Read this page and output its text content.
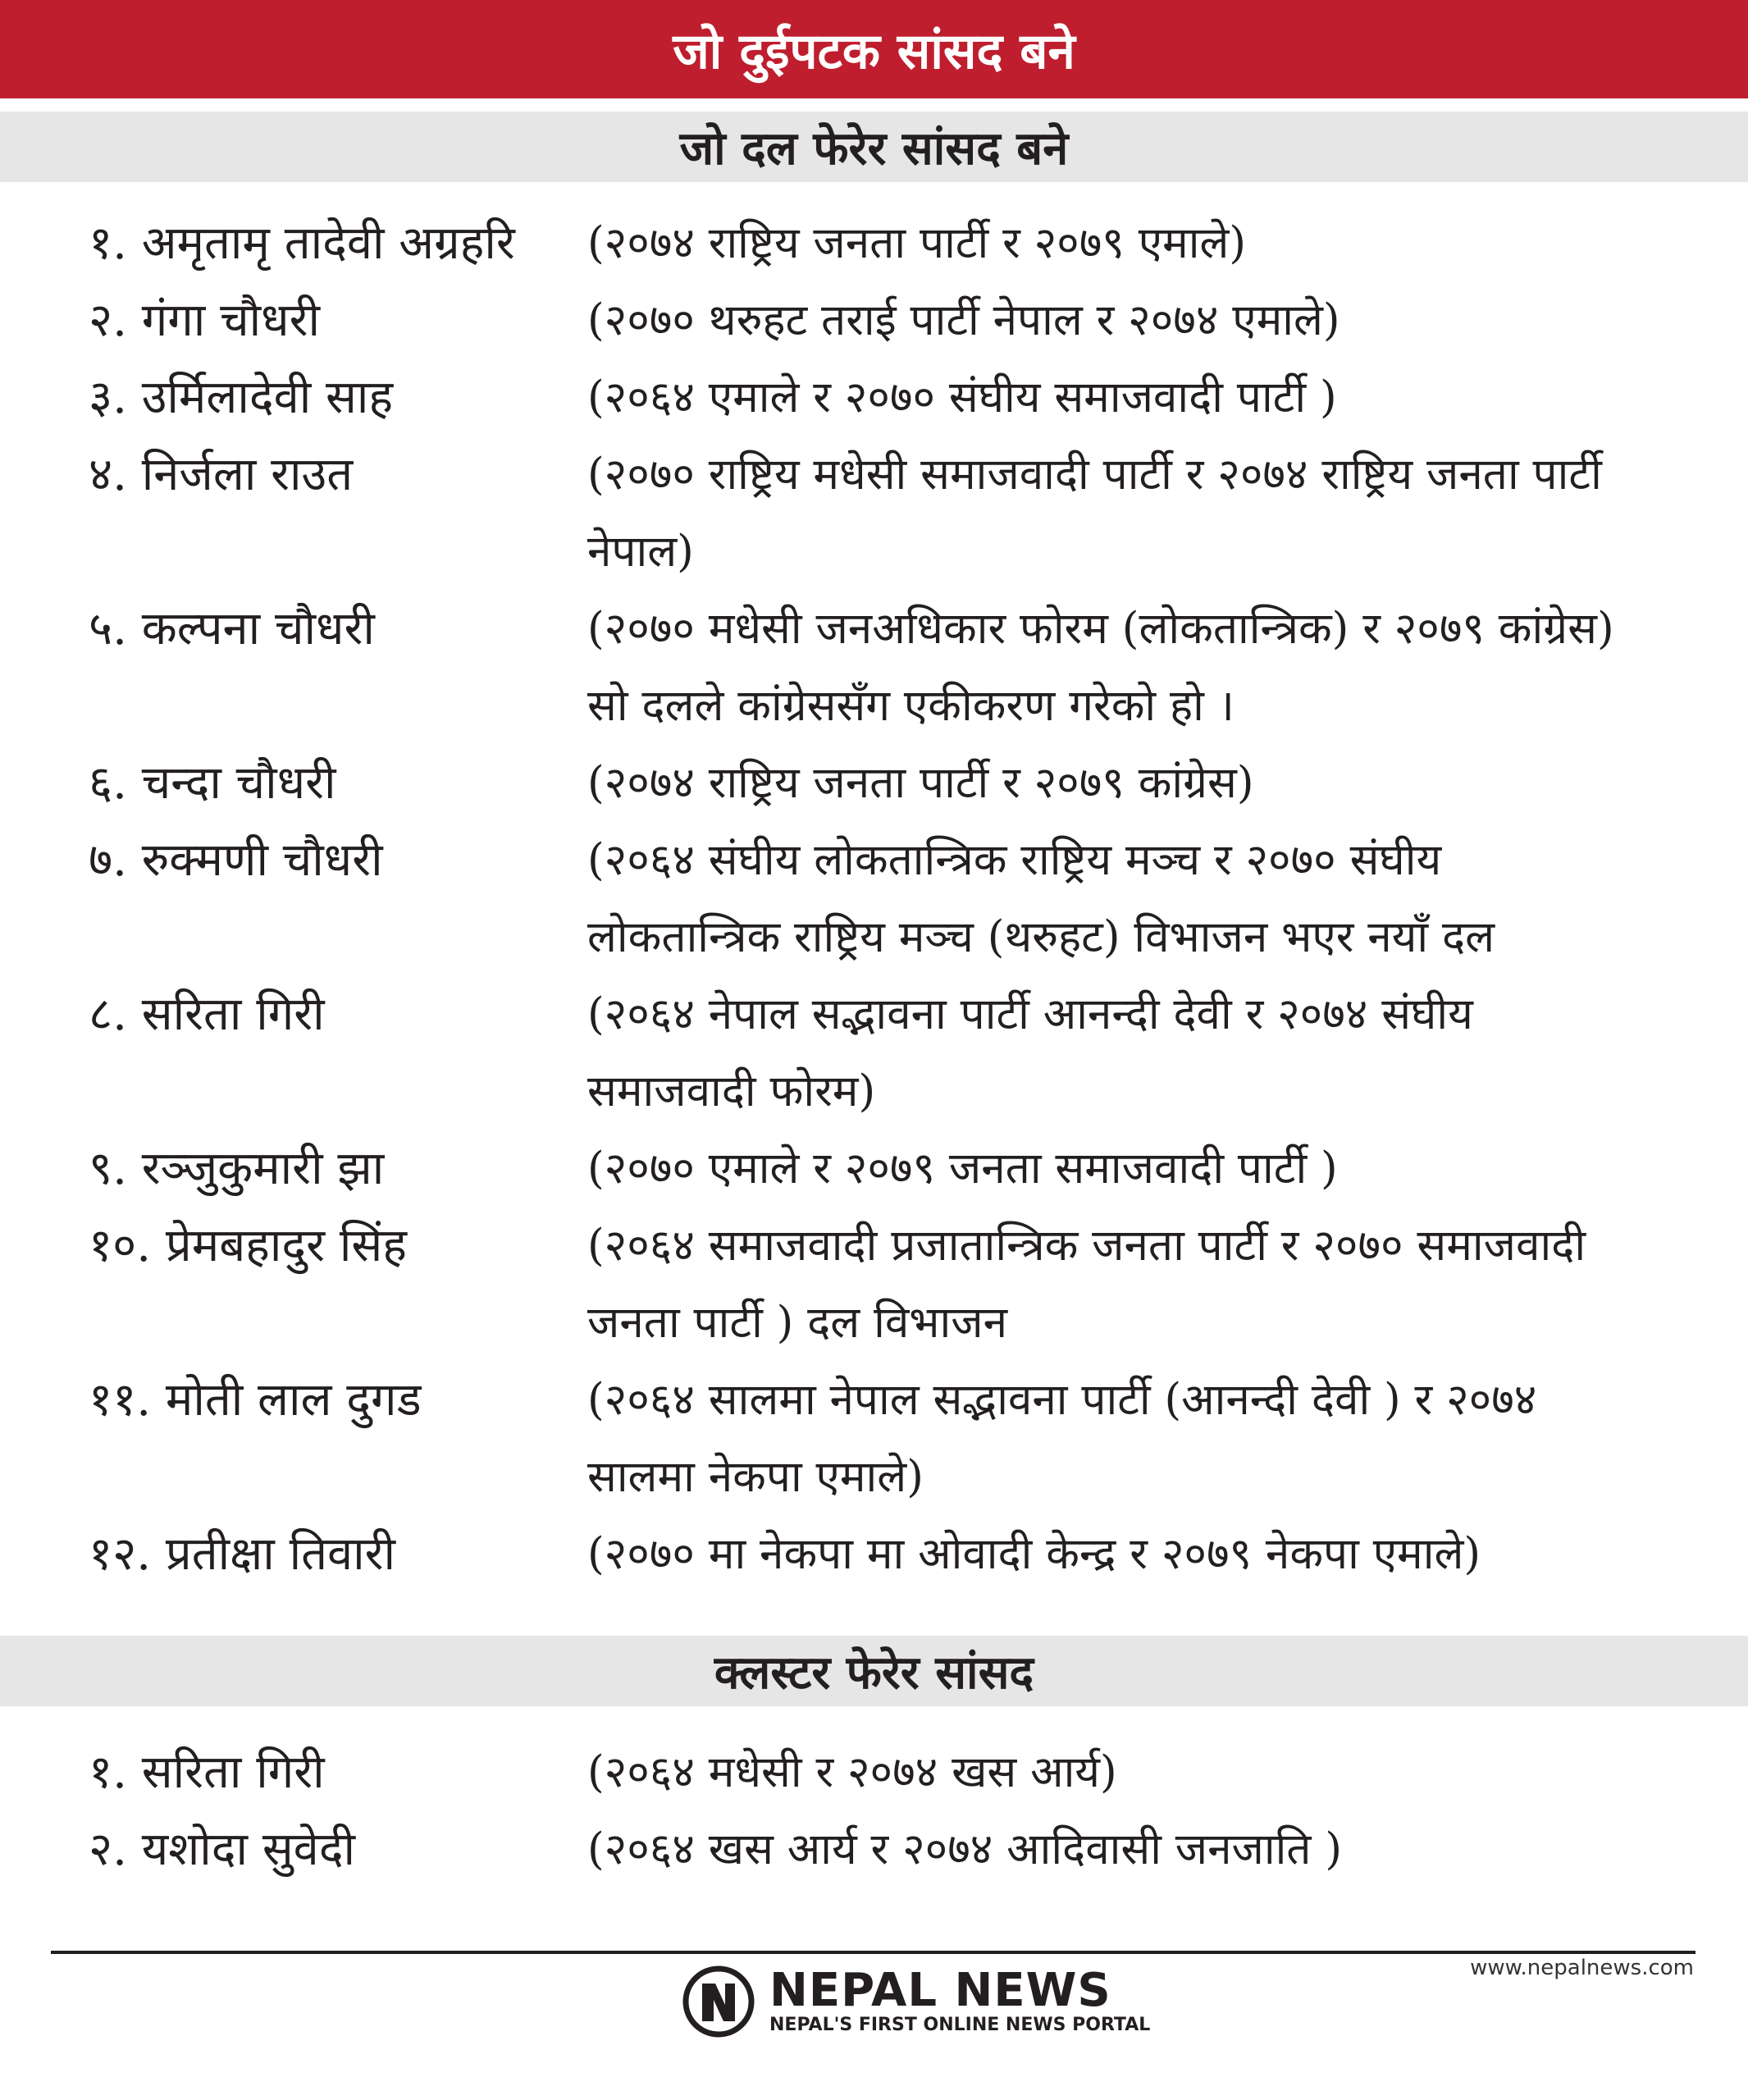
जो दुईपटक सांसद बने
जो दल फेरेर सांसद बने
१. अमृतामृ तादेवी अग्रहरि	(२०७४ राष्ट्रिय जनता पार्टी र २०७९ एमाले)
२. गंगा चौधरी	(२०७० थरुहट तराई पार्टी नेपाल र २०७४ एमाले)
३. उर्मिलादेवी साह	(२०६४ एमाले र २०७० संघीय समाजवादी पार्टी )
४. निर्जला राउत	(२०७० राष्ट्रिय मधेसी समाजवादी पार्टी र २०७४ राष्ट्रिय जनता पार्टी नेपाल)
५. कल्पना चौधरी	(२०७० मधेसी जनअधिकार फोरम (लोकतान्त्रिक) र २०७९ कांग्रेस) सो दलले कांग्रेससँग एकीकरण गरेको हो ।
६. चन्दा चौधरी	(२०७४ राष्ट्रिय जनता पार्टी र २०७९ कांग्रेस)
७. रुक्मणी चौधरी	(२०६४ संघीय लोकतान्त्रिक राष्ट्रिय मञ्च र २०७० संघीय लोकतान्त्रिक राष्ट्रिय मञ्च (थरुहट) विभाजन भएर नयाँ दल
८. सरिता गिरी	(२०६४ नेपाल सद्भावना पार्टी आनन्दी देवी र २०७४ संघीय समाजवादी फोरम)
९. रञ्जुकुमारी झा	(२०७० एमाले र २०७९ जनता समाजवादी पार्टी )
१०. प्रेमबहादुर सिंह	(२०६४ समाजवादी प्रजातान्त्रिक जनता पार्टी र २०७० समाजवादी जनता पार्टी ) दल विभाजन
११. मोती लाल दुगड	(२०६४ सालमा नेपाल सद्भावना पार्टी (आनन्दी देवी ) र २०७४ सालमा नेकपा एमाले)
१२. प्रतीक्षा तिवारी	(२०७० मा नेकपा मा ओवादी केन्द्र र २०७९ नेकपा एमाले)
क्लस्टर फेरेर सांसद
१. सरिता गिरी	(२०६४ मधेसी र २०७४ खस आर्य)
२. यशोदा सुवेदी	(२०६४ खस आर्य र २०७४ आदिवासी जनजाति )
www.nepalnews.com
NEPAL NEWS
NEPAL'S FIRST ONLINE NEWS PORTAL
